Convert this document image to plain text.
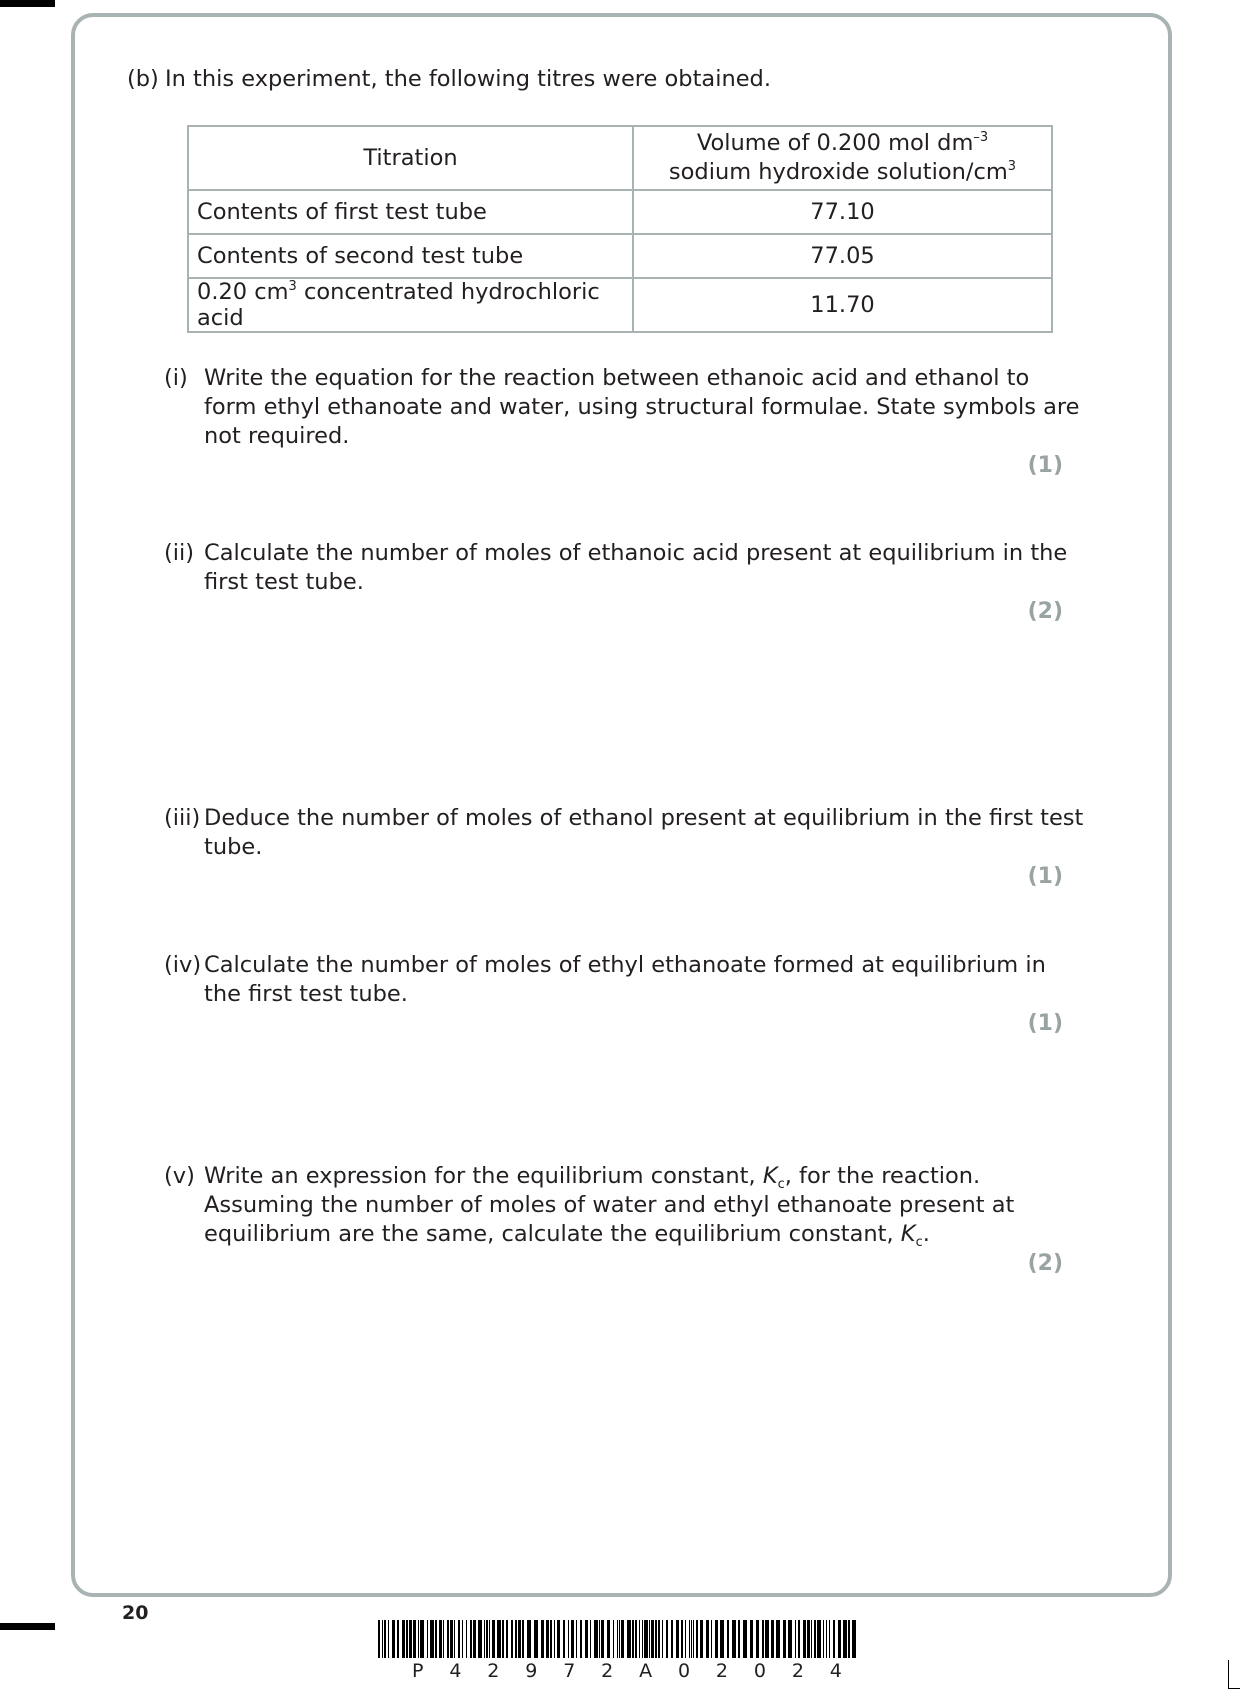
(b) In this experiment, the following titres were obtained.

Titration	Volume of 0.200 mol $dm^{-3}$
sodium hydroxide solution/$cm^3$
Contents of first test tube	77.10
Contents of second test tube	77.05
0.20 $cm^3$ concentrated hydrochloric acid	11.70
(i) Write the equation for the reaction between ethanoic acid and ethanol to

form ethyl ethanoate and water, using structural formulae. State symbols are

not required.

(1)
(ii) Calculate the number of moles of ethanoic acid present at equilibrium in the

first test tube.

(2)
(iii) Deduce the number of moles of ethanol present at equilibrium in the first test

tube.

(1)
(iv) Calculate the number of moles of ethyl ethanoate formed at equilibrium in

the first test tube.

(1)
(v) Write an expression for the equilibrium constant, $K_c$, for the reaction.

Assuming the number of moles of water and ethyl ethanoate present at

equilibrium are the same, calculate the equilibrium constant, $K_c$.

(2)
20
P 4 2 9 7 2 A 0 2 0 2 4
